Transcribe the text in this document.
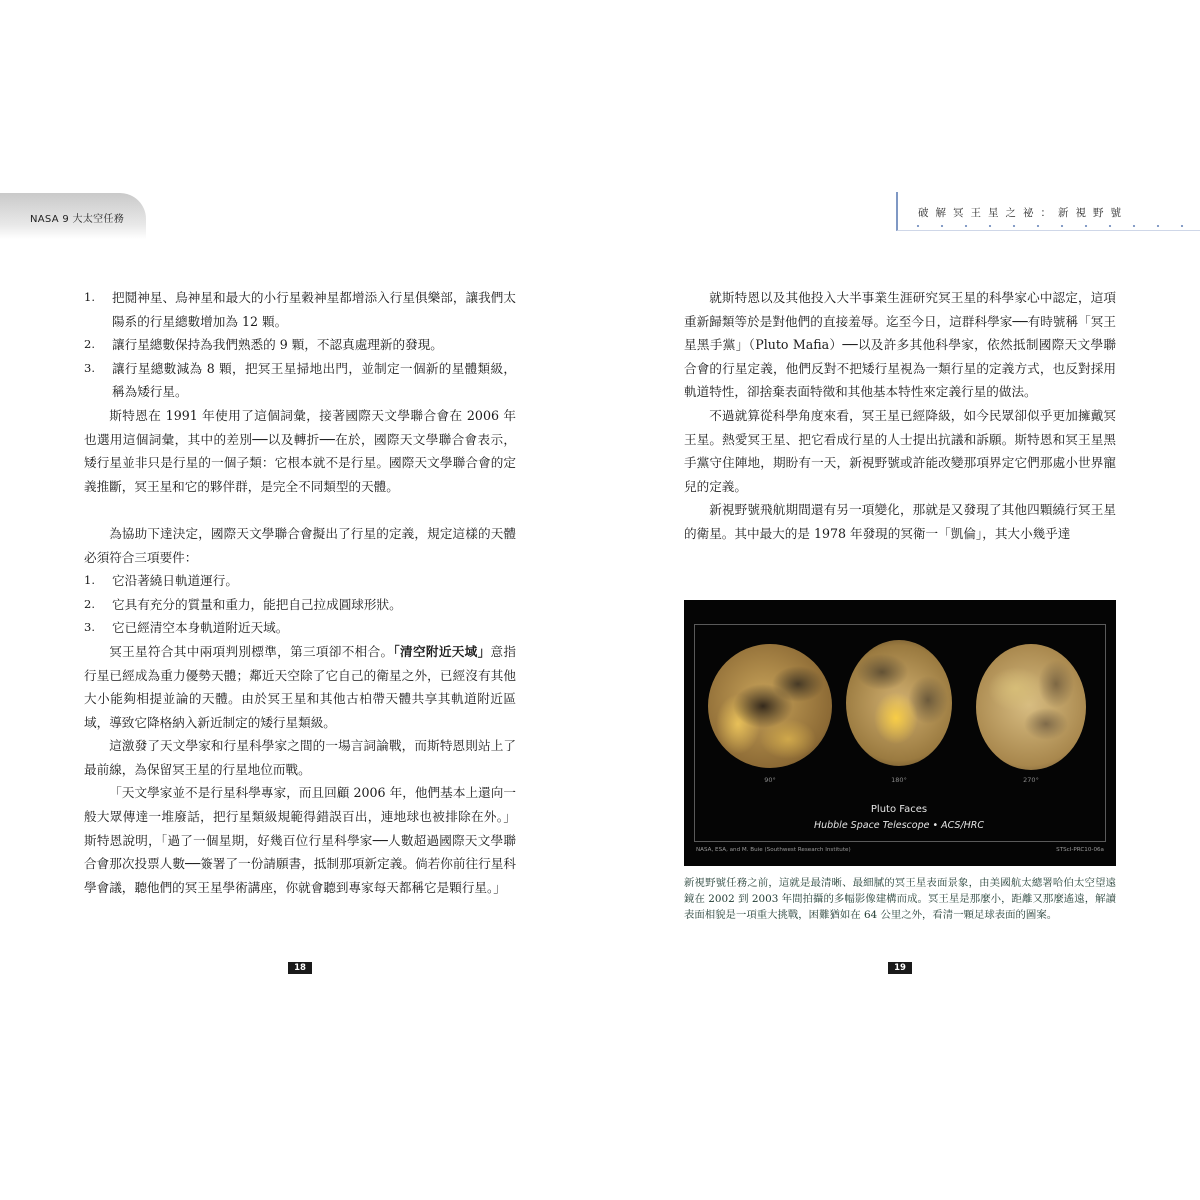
NASA 9 大太空任務
1.	把鬩神星、鳥神星和最大的小行星穀神星都增添入行星俱樂部，讓我們太陽系的行星總數增加為 12 顆。
2.	讓行星總數保持為我們熟悉的 9 顆，不認真處理新的發現。
3.	讓行星總數減為 8 顆，把冥王星掃地出門，並制定一個新的星體類級，稱為矮行星。

斯特恩在 1991 年使用了這個詞彙，接著國際天文學聯合會在 2006 年也選用這個詞彙，其中的差別──以及轉折──在於，國際天文學聯合會表示，矮行星並非只是行星的一個子類：它根本就不是行星。國際天文學聯合會的定義推斷，冥王星和它的夥伴群，是完全不同類型的天體。

為協助下達決定，國際天文學聯合會擬出了行星的定義，規定這樣的天體必須符合三項要件：

1.	它沿著繞日軌道運行。
2.	它具有充分的質量和重力，能把自己拉成圓球形狀。
3.	它已經清空本身軌道附近天域。

冥王星符合其中兩項判別標準，第三項卻不相合。「清空附近天域」意指行星已經成為重力優勢天體；鄰近天空除了它自己的衛星之外，已經沒有其他大小能夠相提並論的天體。由於冥王星和其他古柏帶天體共享其軌道附近區域，導致它降格納入新近制定的矮行星類級。

這激發了天文學家和行星科學家之間的一場言詞論戰，而斯特恩則站上了最前線，為保留冥王星的行星地位而戰。

「天文學家並不是行星科學專家，而且回顧 2006 年，他們基本上還向一般大眾傳達一堆廢話，把行星類級規範得錯誤百出，連地球也被排除在外。」斯特恩說明，「過了一個星期，好幾百位行星科學家──人數超過國際天文學聯合會那次投票人數──簽署了一份請願書，抵制那項新定義。倘若你前往行星科學會議，聽他們的冥王星學術講座，你就會聽到專家每天都稱它是顆行星。」

18
破解冥王星之祕：新視野號

就斯特恩以及其他投入大半事業生涯研究冥王星的科學家心中認定，這項重新歸類等於是對他們的直接羞辱。迄至今日，這群科學家──有時號稱「冥王星黑手黨」（Pluto Mafia）──以及許多其他科學家，依然抵制國際天文學聯合會的行星定義，他們反對不把矮行星視為一類行星的定義方式，也反對採用軌道特性，卻捨棄表面特徵和其他基本特性來定義行星的做法。

不過就算從科學角度來看，冥王星已經降級，如今民眾卻似乎更加擁戴冥王星。熱愛冥王星、把它看成行星的人士提出抗議和訴願。斯特恩和冥王星黑手黨守住陣地，期盼有一天，新視野號或許能改變那項界定它們那處小世界寵兒的定義。

新視野號飛航期間還有另一項變化，那就是又發現了其他四顆繞行冥王星的衛星。其中最大的是 1978 年發現的冥衛一「凱倫」，其大小幾乎達

90°	180°	270°
Pluto Faces
Hubble Space Telescope • ACS/HRC
NASA, ESA, and M. Buie (Southwest Research Institute)	STScI-PRC10-06a
新視野號任務之前，這就是最清晰、最細膩的冥王星表面景象，由美國航太總署哈伯太空望遠鏡在 2002 到 2003 年間拍攝的多幅影像建構而成。冥王星是那麼小，距離又那麼遙遠，解讀表面相貌是一項重大挑戰，困難猶如在 64 公里之外，看清一顆足球表面的圖案。
19
